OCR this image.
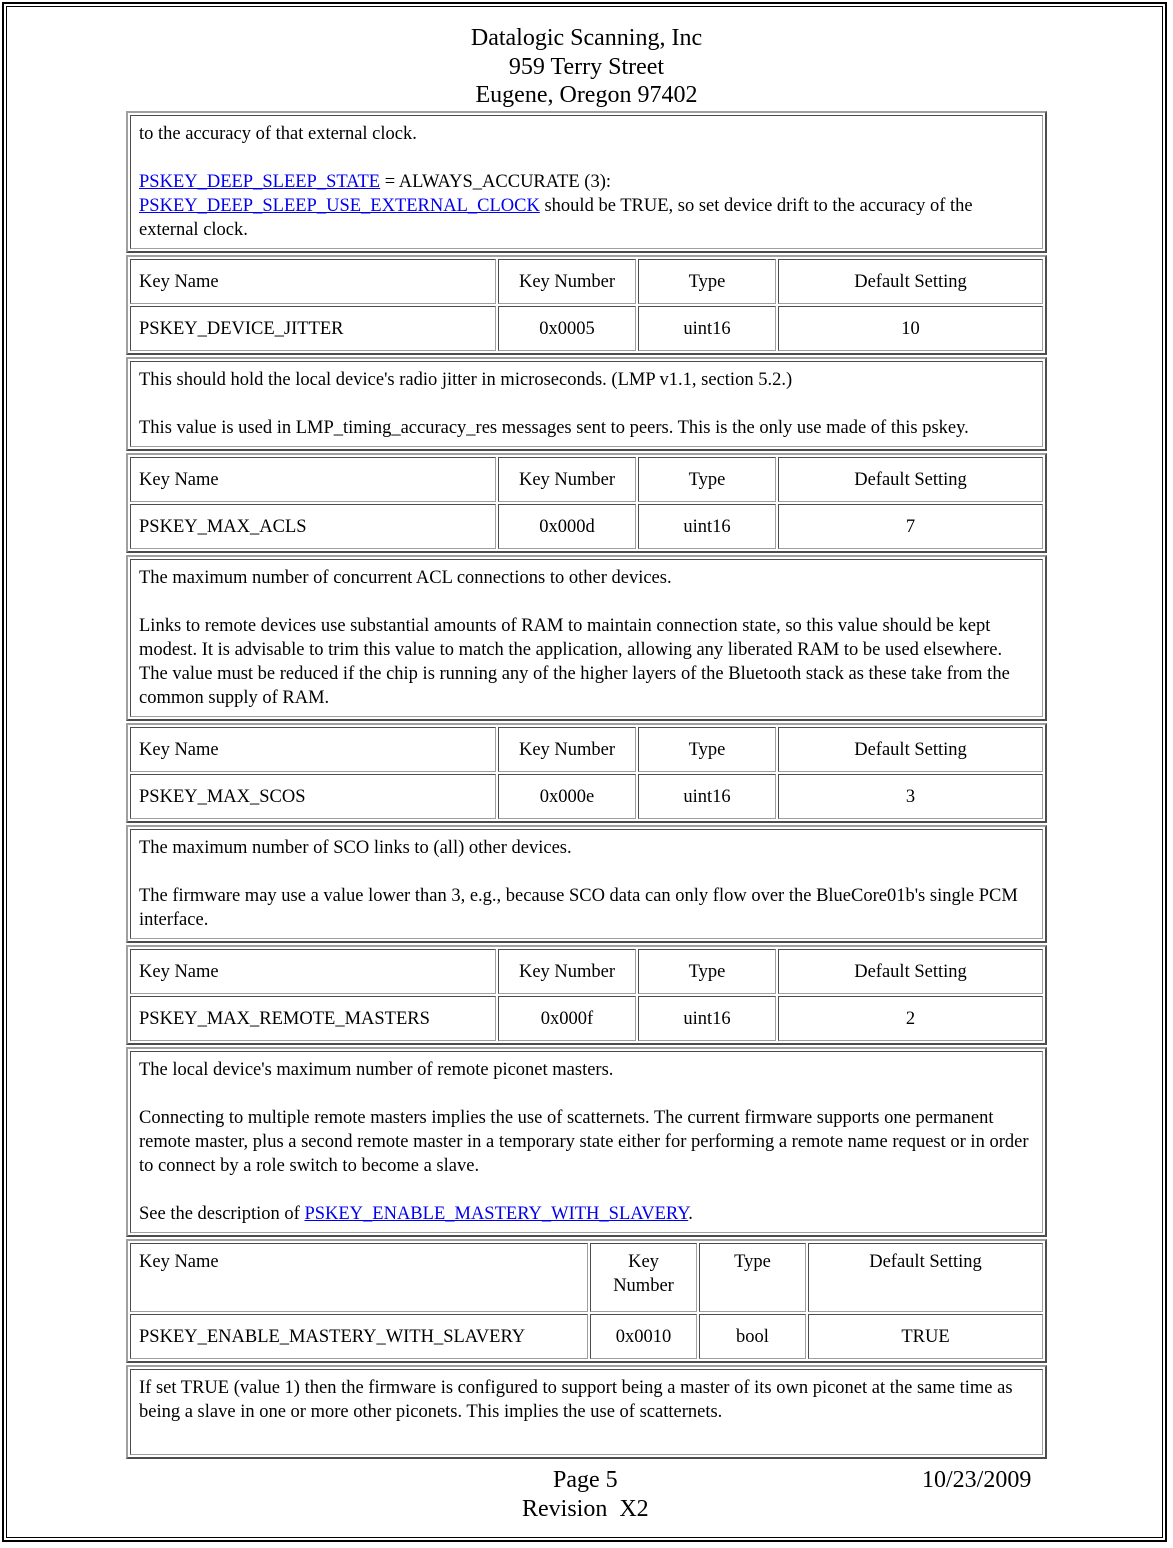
Datalogic Scanning, Inc
959 Terry Street
Eugene, Oregon 97402

to the accuracy of that external clock.

PSKEY_DEEP_SLEEP_STATE = ALWAYS_ACCURATE (3):
PSKEY_DEEP_SLEEP_USE_EXTERNAL_CLOCK should be TRUE, so set device drift to the accuracy of the external clock.

Key Name	Key Number	Type	Default Setting
PSKEY_DEVICE_JITTER	0x0005	uint16	10

This should hold the local device's radio jitter in microseconds. (LMP v1.1, section 5.2.)

This value is used in LMP_timing_accuracy_res messages sent to peers. This is the only use made of this pskey.

Key Name	Key Number	Type	Default Setting
PSKEY_MAX_ACLS	0x000d	uint16	7

The maximum number of concurrent ACL connections to other devices.

Links to remote devices use substantial amounts of RAM to maintain connection state, so this value should be kept modest. It is advisable to trim this value to match the application, allowing any liberated RAM to be used elsewhere. The value must be reduced if the chip is running any of the higher layers of the Bluetooth stack as these take from the common supply of RAM.

Key Name	Key Number	Type	Default Setting
PSKEY_MAX_SCOS	0x000e	uint16	3

The maximum number of SCO links to (all) other devices.

The firmware may use a value lower than 3, e.g., because SCO data can only flow over the BlueCore01b's single PCM interface.

Key Name	Key Number	Type	Default Setting
PSKEY_MAX_REMOTE_MASTERS	0x000f	uint16	2

The local device's maximum number of remote piconet masters.

Connecting to multiple remote masters implies the use of scatternets. The current firmware supports one permanent remote master, plus a second remote master in a temporary state either for performing a remote name request or in order to connect by a role switch to become a slave.

See the description of PSKEY_ENABLE_MASTERY_WITH_SLAVERY.

Key Name	Key Number	Type	Default Setting
PSKEY_ENABLE_MASTERY_WITH_SLAVERY	0x0010	bool	TRUE

If set TRUE (value 1) then the firmware is configured to support being a master of its own piconet at the same time as being a slave in one or more other piconets. This implies the use of scatternets.

Page 5	10/23/2009
Revision  X2
